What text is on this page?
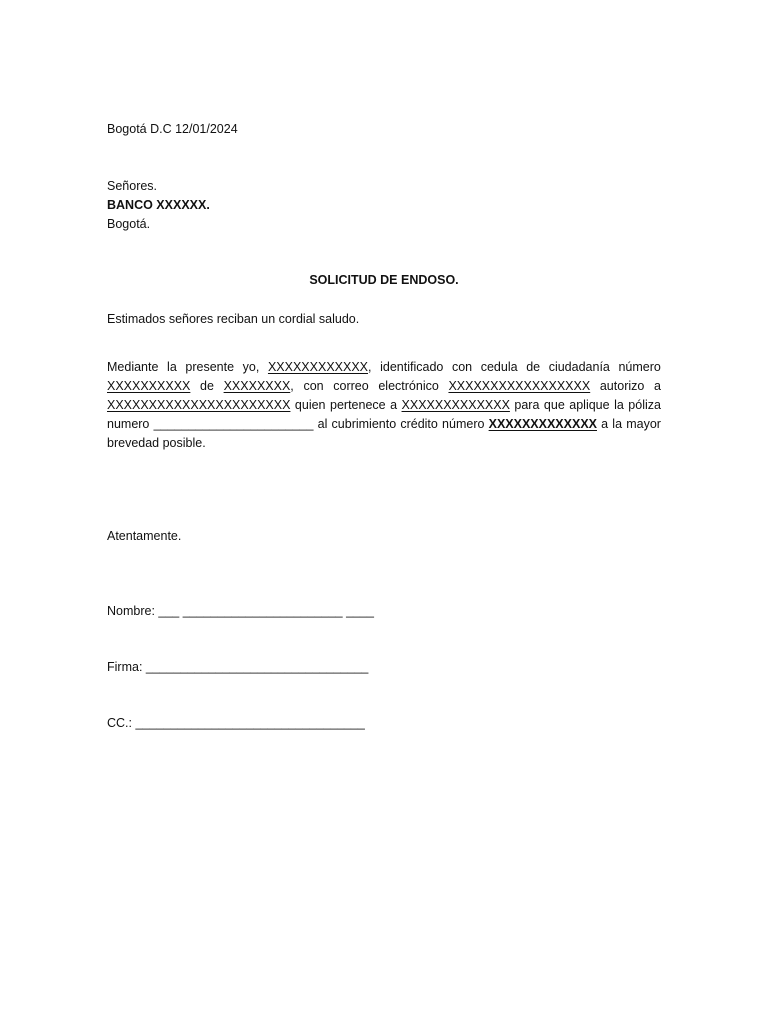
Bogotá D.C 12/01/2024
Señores.
BANCO XXXXXX.
Bogotá.
SOLICITUD DE ENDOSO.
Estimados señores reciban un cordial saludo.
Mediante la presente yo, XXXXXXXXXXXX, identificado con cedula de ciudadanía número
XXXXXXXXXX de XXXXXXXX, con correo electrónico XXXXXXXXXXXXXXXXX autorizo a
XXXXXXXXXXXXXXXXXXXXXX quien pertenece a XXXXXXXXXXXXX para que aplique la póliza
numero _______________________ al cubrimiento crédito número XXXXXXXXXXXXX a la mayor
brevedad posible.
Atentamente.
Nombre: ___ _______________________ ____
Firma: ________________________________
CC.: _________________________________
